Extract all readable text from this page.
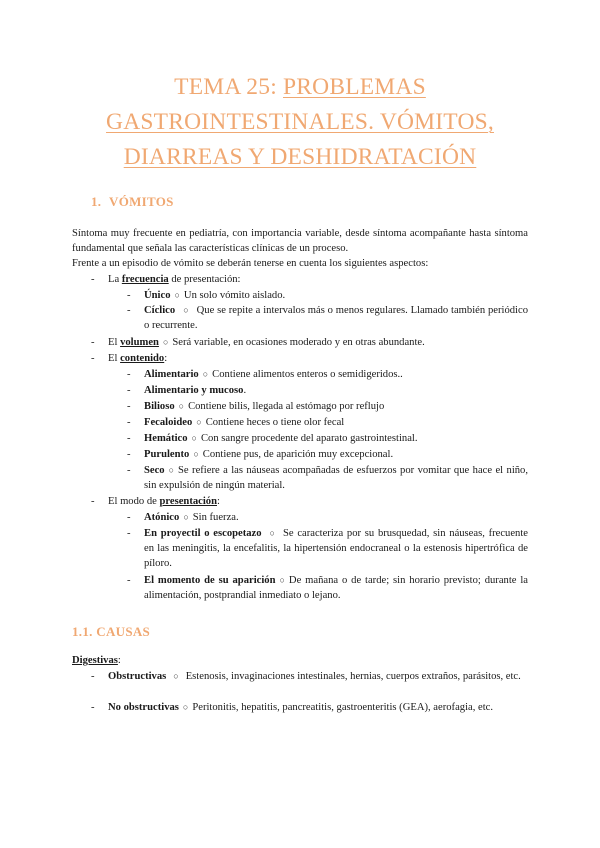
TEMA 25: PROBLEMAS
GASTROINTESTINALES. VÓMITOS,
DIARREAS Y DESHIDRATACIÓN
1. VÓMITOS
Síntoma muy frecuente en pediatría, con importancia variable, desde síntoma acompañante hasta síntoma fundamental que señala las características clínicas de un proceso.
Frente a un episodio de vómito se deberán tenerse en cuenta los siguientes aspectos:
- La frecuencia de presentación:
- Único ○ Un solo vómito aislado.
- Cíclico ○ Que se repite a intervalos más o menos regulares. Llamado también periódico o recurrente.
- El volumen ○ Será variable, en ocasiones moderado y en otras abundante.
- El contenido:
- Alimentario ○ Contiene alimentos enteros o semidigeridos..
- Alimentario y mucoso.
- Bilioso ○ Contiene bilis, llegada al estómago por reflujo
- Fecaloideo ○ Contiene heces o tiene olor fecal
- Hemático ○ Con sangre procedente del aparato gastrointestinal.
- Purulento ○ Contiene pus, de aparición muy excepcional.
- Seco ○ Se refiere a las náuseas acompañadas de esfuerzos por vomitar que hace el niño, sin expulsión de ningún material.
- El modo de presentación:
- Atónico ○ Sin fuerza.
- En proyectil o escopetazo ○ Se caracteriza por su brusquedad, sin náuseas, frecuente en las meningitis, la encefalitis, la hipertensión endocraneal o la estenosis hipertrófica de píloro.
- El momento de su aparición ○ De mañana o de tarde; sin horario previsto; durante la alimentación, postprandial inmediato o lejano.
1.1. CAUSAS
Digestivas:
- Obstructivas ○ Estenosis, invaginaciones intestinales, hernias, cuerpos extraños, parásitos, etc.
- No obstructivas ○ Peritonitis, hepatitis, pancreatitis, gastroenteritis (GEA), aerofagia, etc.
